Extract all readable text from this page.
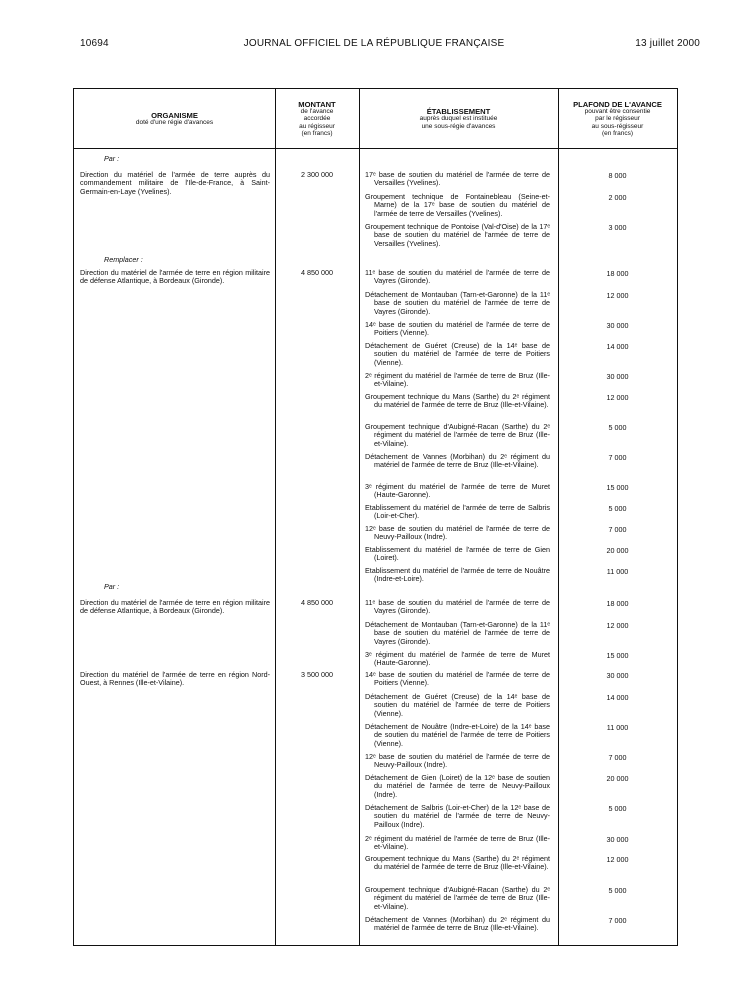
10694	JOURNAL OFFICIEL DE LA RÉPUBLIQUE FRANÇAISE	13 juillet 2000
ORGANISME
doté d'une régie d'avances
MONTANT
de l'avance
accordée
au régisseur
(en francs)
ÉTABLISSEMENT
auprès duquel est instituée
une sous-régie d'avances
PLAFOND DE L'AVANCE
pouvant être consentie
par le régisseur
au sous-régisseur
(en francs)
Par :
Remplacer :
Par :
Direction du matériel de l'armée de terre auprès du commandement militaire de l'Ile-de-France, à Saint-Germain-en-Laye (Yvelines).
Direction du matériel de l'armée de terre en région militaire de défense Atlantique, à Bordeaux (Gironde).
Direction du matériel de l'armée de terre en région militaire de défense Atlantique, à Bordeaux (Gironde).
Direction du matériel de l'armée de terre en région Nord-Ouest, à Rennes (Ille-et-Vilaine).
2 300 000
4 850 000
4 850 000
3 500 000
17ᵉ base de soutien du matériel de l'armée de terre de Versailles (Yvelines).
8 000
Groupement technique de Fontainebleau (Seine-et-Marne) de la 17ᵉ base de soutien du matériel de l'armée de terre de Versailles (Yvelines).
2 000
Groupement technique de Pontoise (Val-d'Oise) de la 17ᵉ base de soutien du matériel de l'armée de terre de Versailles (Yvelines).
3 000
11ᵉ base de soutien du matériel de l'armée de terre de Vayres (Gironde).
18 000
Détachement de Montauban (Tarn-et-Garonne) de la 11ᵉ base de soutien du matériel de l'armée de terre de Vayres (Gironde).
12 000
14ᵉ base de soutien du matériel de l'armée de terre de Poitiers (Vienne).
30 000
Détachement de Guéret (Creuse) de la 14ᵉ base de soutien du matériel de l'armée de terre de Poitiers (Vienne).
14 000
2ᵉ régiment du matériel de l'armée de terre de Bruz (Ille-et-Vilaine).
30 000
Groupement technique du Mans (Sarthe) du 2ᵉ régiment du matériel de l'armée de terre de Bruz (Ille-et-Vilaine).
12 000
Groupement technique d'Aubigné-Racan (Sarthe) du 2ᵉ régiment du matériel de l'armée de terre de Bruz (Ille-et-Vilaine).
5 000
Détachement de Vannes (Morbihan) du 2ᵉ régiment du matériel de l'armée de terre de Bruz (Ille-et-Vilaine).
7 000
3ᵉ régiment du matériel de l'armée de terre de Muret (Haute-Garonne).
15 000
Etablissement du matériel de l'armée de terre de Salbris (Loir-et-Cher).
5 000
12ᵉ base de soutien du matériel de l'armée de terre de Neuvy-Pailloux (Indre).
7 000
Etablissement du matériel de l'armée de terre de Gien (Loiret).
20 000
Etablissement du matériel de l'armée de terre de Nouâtre (Indre-et-Loire).
11 000
11ᵉ base de soutien du matériel de l'armée de terre de Vayres (Gironde).
18 000
Détachement de Montauban (Tarn-et-Garonne) de la 11ᵉ base de soutien du matériel de l'armée de terre de Vayres (Gironde).
12 000
3ᵉ régiment du matériel de l'armée de terre de Muret (Haute-Garonne).
15 000
14ᵉ base de soutien du matériel de l'armée de terre de Poitiers (Vienne).
30 000
Détachement de Guéret (Creuse) de la 14ᵉ base de soutien du matériel de l'armée de terre de Poitiers (Vienne).
14 000
Détachement de Nouâtre (Indre-et-Loire) de la 14ᵉ base de soutien du matériel de l'armée de terre de Poitiers (Vienne).
11 000
12ᵉ base de soutien du matériel de l'armée de terre de Neuvy-Pailloux (Indre).
7 000
Détachement de Gien (Loiret) de la 12ᵉ base de soutien du matériel de l'armée de terre de Neuvy-Pailloux (Indre).
20 000
Détachement de Salbris (Loir-et-Cher) de la 12ᵉ base de soutien du matériel de l'armée de terre de Neuvy-Pailloux (Indre).
5 000
2ᵉ régiment du matériel de l'armée de terre de Bruz (Ille-et-Vilaine).
30 000
Groupement technique du Mans (Sarthe) du 2ᵉ régiment du matériel de l'armée de terre de Bruz (Ille-et-Vilaine).
12 000
Groupement technique d'Aubigné-Racan (Sarthe) du 2ᵉ régiment du matériel de l'armée de terre de Bruz (Ille-et-Vilaine).
5 000
Détachement de Vannes (Morbihan) du 2ᵉ régiment du matériel de l'armée de terre de Bruz (Ille-et-Vilaine).
7 000
